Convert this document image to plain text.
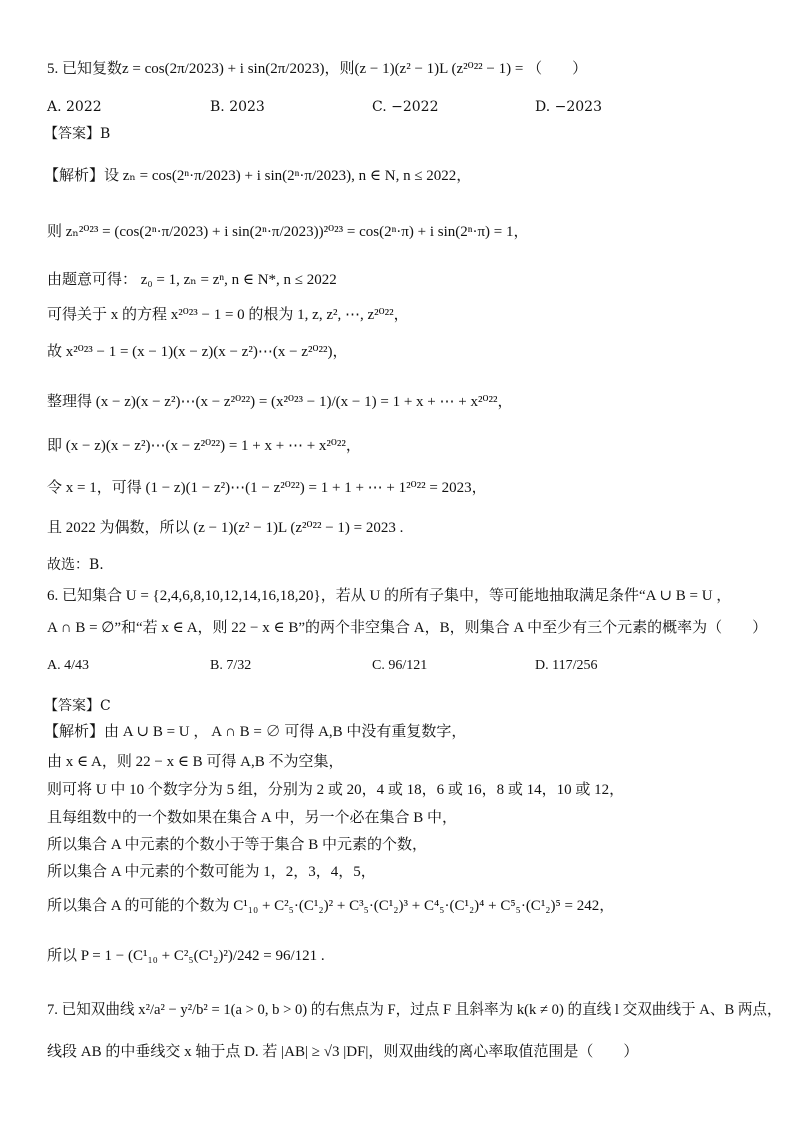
5. 已知复数z = cos(2π/2023) + i sin(2π/2023)，则(z − 1)(z² − 1)L (z²⁰²² − 1) = （　　）
A. 2022	B. 2023	C. −2022	D. −2023
【答案】B
【解析】设 zₙ = cos(2ⁿ·π/2023) + i sin(2ⁿ·π/2023), n ∈ N, n ≤ 2022，
则 zₙ²⁰²³ = (cos(2ⁿ·π/2023) + i sin(2ⁿ·π/2023))²⁰²³ = cos(2ⁿ·π) + i sin(2ⁿ·π) = 1，
由题意可得： z₀ = 1, zₙ = zⁿ, n ∈ N*, n ≤ 2022
可得关于 x 的方程 x²⁰²³ − 1 = 0 的根为 1, z, z², ⋯, z²⁰²²，
故 x²⁰²³ − 1 = (x − 1)(x − z)(x − z²)⋯(x − z²⁰²²)，
整理得 (x − z)(x − z²)⋯(x − z²⁰²²) = (x²⁰²³ − 1)/(x − 1) = 1 + x + ⋯ + x²⁰²²，
即 (x − z)(x − z²)⋯(x − z²⁰²²) = 1 + x + ⋯ + x²⁰²²，
令 x = 1，可得 (1 − z)(1 − z²)⋯(1 − z²⁰²²) = 1 + 1 + ⋯ + 1²⁰²² = 2023，
且 2022 为偶数，所以 (z − 1)(z² − 1)L (z²⁰²² − 1) = 2023 .
故选：B.
6. 已知集合 U = {2,4,6,8,10,12,14,16,18,20}，若从 U 的所有子集中，等可能地抽取满足条件“A ∪ B = U ，
A ∩ B = ∅”和“若 x ∈ A，则 22 − x ∈ B”的两个非空集合 A，B，则集合 A 中至少有三个元素的概率为（　　）
A. 4/43	B. 7/32	C. 96/121	D. 117/256
【答案】C
【解析】由 A ∪ B = U ， A ∩ B = ∅ 可得 A,B 中没有重复数字，
由 x ∈ A，则 22 − x ∈ B 可得 A,B 不为空集，
则可将 U 中 10 个数字分为 5 组，分别为 2 或 20，4 或 18，6 或 16，8 或 14，10 或 12，
且每组数中的一个数如果在集合 A 中，另一个必在集合 B 中，
所以集合 A 中元素的个数小于等于集合 B 中元素的个数，
所以集合 A 中元素的个数可能为 1，2，3，4，5，
所以集合 A 的可能的个数为 C¹₁₀ + C²₅·(C¹₂)² + C³₅·(C¹₂)³ + C⁴₅·(C¹₂)⁴ + C⁵₅·(C¹₂)⁵ = 242，
所以 P = 1 − (C¹₁₀ + C²₅(C¹₂)²)/242 = 96/121 .
7. 已知双曲线 x²/a² − y²/b² = 1(a > 0, b > 0) 的右焦点为 F，过点 F 且斜率为 k(k ≠ 0) 的直线 l 交双曲线于 A、B 两点，
线段 AB 的中垂线交 x 轴于点 D. 若 |AB| ≥ √3 |DF|，则双曲线的离心率取值范围是（　　）
